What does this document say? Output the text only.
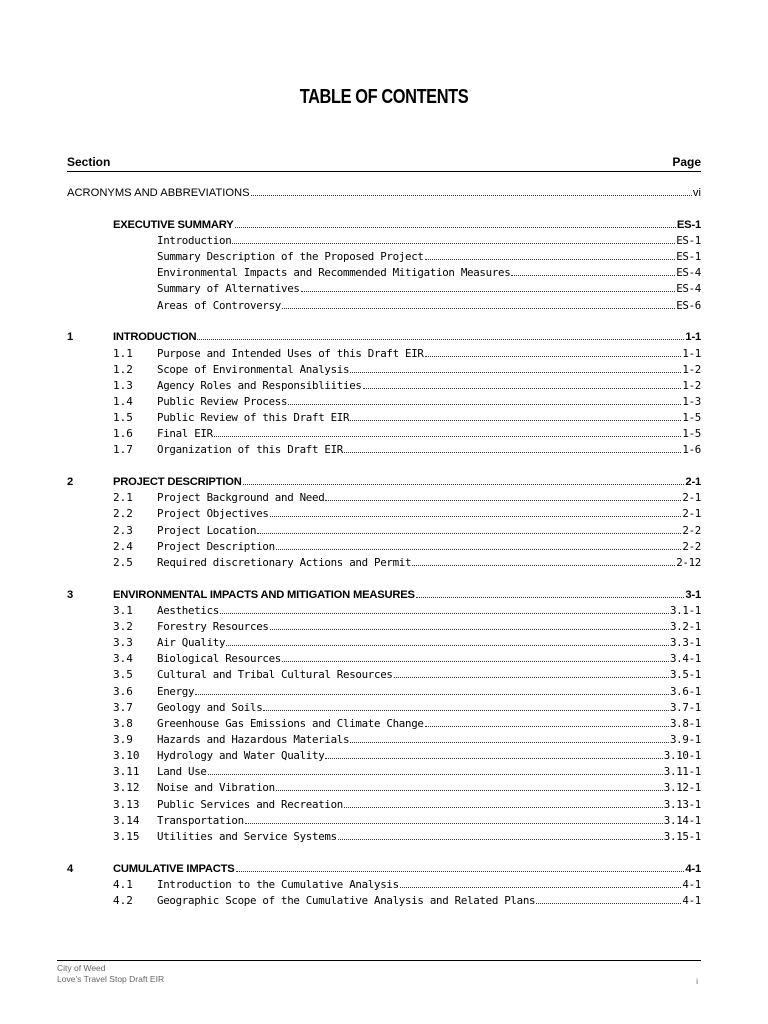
TABLE OF CONTENTS
Section	Page
ACRONYMS AND ABBREVIATIONS	vi
EXECUTIVE SUMMARY	ES-1
Introduction	ES-1
Summary Description of the Proposed Project	ES-1
Environmental Impacts and Recommended Mitigation Measures	ES-4
Summary of Alternatives	ES-4
Areas of Controversy	ES-6
1	INTRODUCTION	1-1
1.1 Purpose and Intended Uses of this Draft EIR	1-1
1.2 Scope of Environmental Analysis	1-2
1.3 Agency Roles and Responsibliities	1-2
1.4 Public Review Process	1-3
1.5 Public Review of this Draft EIR	1-5
1.6 Final EIR	1-5
1.7 Organization of this Draft EIR	1-6
2	PROJECT DESCRIPTION	2-1
2.1 Project Background and Need	2-1
2.2 Project Objectives	2-1
2.3 Project Location	2-2
2.4 Project Description	2-2
2.5 Required discretionary Actions and Permit	2-12
3	ENVIRONMENTAL IMPACTS AND MITIGATION MEASURES	3-1
3.1 Aesthetics	3.1-1
3.2 Forestry Resources	3.2-1
3.3 Air Quality	3.3-1
3.4 Biological Resources	3.4-1
3.5 Cultural and Tribal Cultural Resources	3.5-1
3.6 Energy	3.6-1
3.7 Geology and Soils	3.7-1
3.8 Greenhouse Gas Emissions and Climate Change	3.8-1
3.9 Hazards and Hazardous Materials	3.9-1
3.10 Hydrology and Water Quality	3.10-1
3.11 Land Use	3.11-1
3.12 Noise and Vibration	3.12-1
3.13 Public Services and Recreation	3.13-1
3.14 Transportation	3.14-1
3.15 Utilities and Service Systems	3.15-1
4	CUMULATIVE IMPACTS	4-1
4.1 Introduction to the Cumulative Analysis	4-1
4.2 Geographic Scope of the Cumulative Analysis and Related Plans	4-1
City of Weed
Love’s Travel Stop Draft EIR	i
